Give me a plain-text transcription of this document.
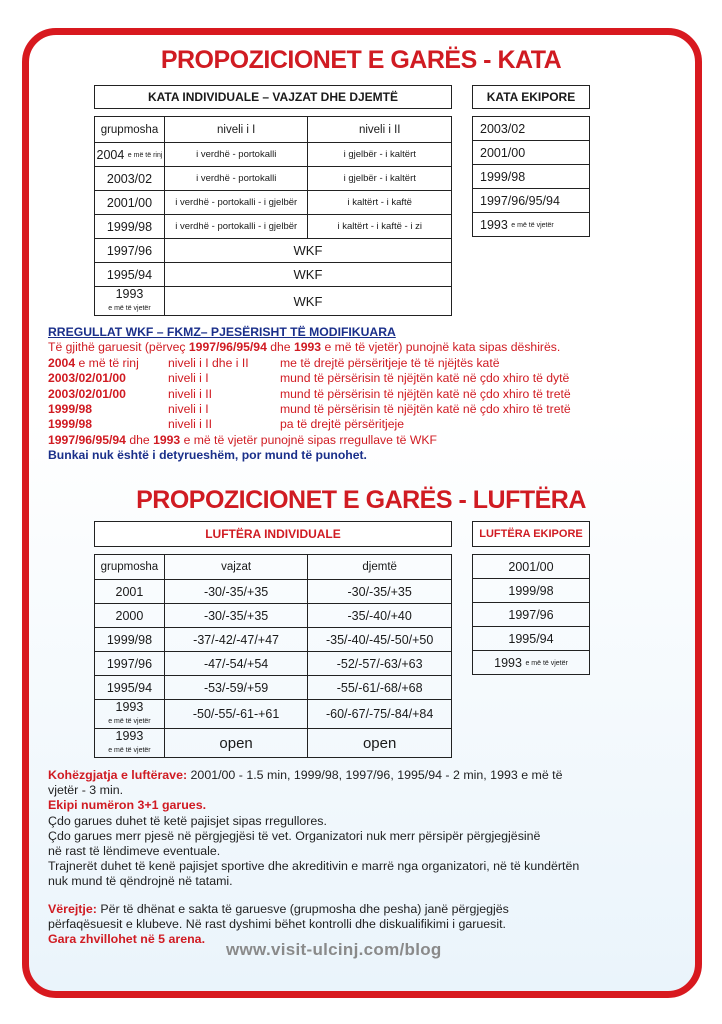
PROPOZICIONET E GARËS - KATA
KATA INDIVIDUALE – VAJZAT DHE DJEMTË	KATA EKIPORE
grupmosha	niveli i I	niveli i II
2004 e më të rinj	i verdhë - portokalli	i gjelbër - i kaltërt
2003/02	i verdhë - portokalli	i gjelbër - i kaltërt
2001/00	i verdhë - portokalli - i gjelbër	i kaltërt - i kaftë
1999/98	i verdhë - portokalli - i gjelbër	i kaltërt - i kaftë - i zi
1997/96	WKF	
1995/94	WKF	
1993 e më të vjetër	WKF	
2003/02
2001/00
1999/98
1997/96/95/94
1993 e më të vjetër
RREGULLAT WKF – FKMZ– PJESËRISHT TË MODIFIKUARA
Të gjithë garuesit (përveç 1997/96/95/94 dhe 1993 e më të vjetër) punojnë kata sipas dëshirës.
2004 e më të rinj niveli i I dhe i II	me të drejtë përsëritjeje të të njëjtës katë
2003/02/01/00	niveli i I	mund të përsërisin të njëjtën katë në çdo xhiro të dytë
2003/02/01/00	niveli i II	mund të përsërisin të njëjtën katë në çdo xhiro të tretë
1999/98	niveli i I	mund të përsërisin të njëjtën katë në çdo xhiro të tretë
1999/98	niveli i II	pa të drejtë përsëritjeje
1997/96/95/94 dhe 1993 e më të vjetër punojnë sipas rregullave të WKF
Bunkai nuk është i detyrueshëm, por mund të punohet.
PROPOZICIONET E GARËS - LUFTËRA
LUFTËRA INDIVIDUALE	LUFTËRA EKIPORE
grupmosha	vajzat	djemtë
2001	-30/-35/+35	-30/-35/+35
2000	-30/-35/+35	-35/-40/+40
1999/98	-37/-42/-47/+47	-35/-40/-45/-50/+50
1997/96	-47/-54/+54	-52/-57/-63/+63
1995/94	-53/-59/+59	-55/-61/-68/+68
1993 e më të vjetër	-50/-55/-61-+61	-60/-67/-75/-84/+84
1993 e më të vjetër	open	open
2001/00
1999/98
1997/96
1995/94
1993 e më të vjetër

Kohëzgjatja e luftërave: 2001/00 - 1.5 min, 1999/98, 1997/96, 1995/94 - 2 min, 1993 e më të

vjetër - 3 min.

Ekipi numëron 3+1 garues.

Çdo garues duhet të ketë pajisjet sipas rregullores.

Çdo garues merr pjesë në përgjegjësi të vet. Organizatori nuk merr përsipër përgjegjësinë

në rast të lëndimeve eventuale.

Trajnerët duhet të kenë pajisjet sportive dhe akreditivin e marrë nga organizatori, në të kundërtën

nuk mund të qëndrojnë në tatami.

Vërejtje: Për të dhënat e sakta të garuesve (grupmosha dhe pesha) janë përgjegjës

përfaqësuesit e klubeve. Në rast dyshimi bëhet kontrolli dhe diskualifikimi i garuesit.

Gara zhvillohet në 5 arena.

www.visit-ulcinj.com/blog
